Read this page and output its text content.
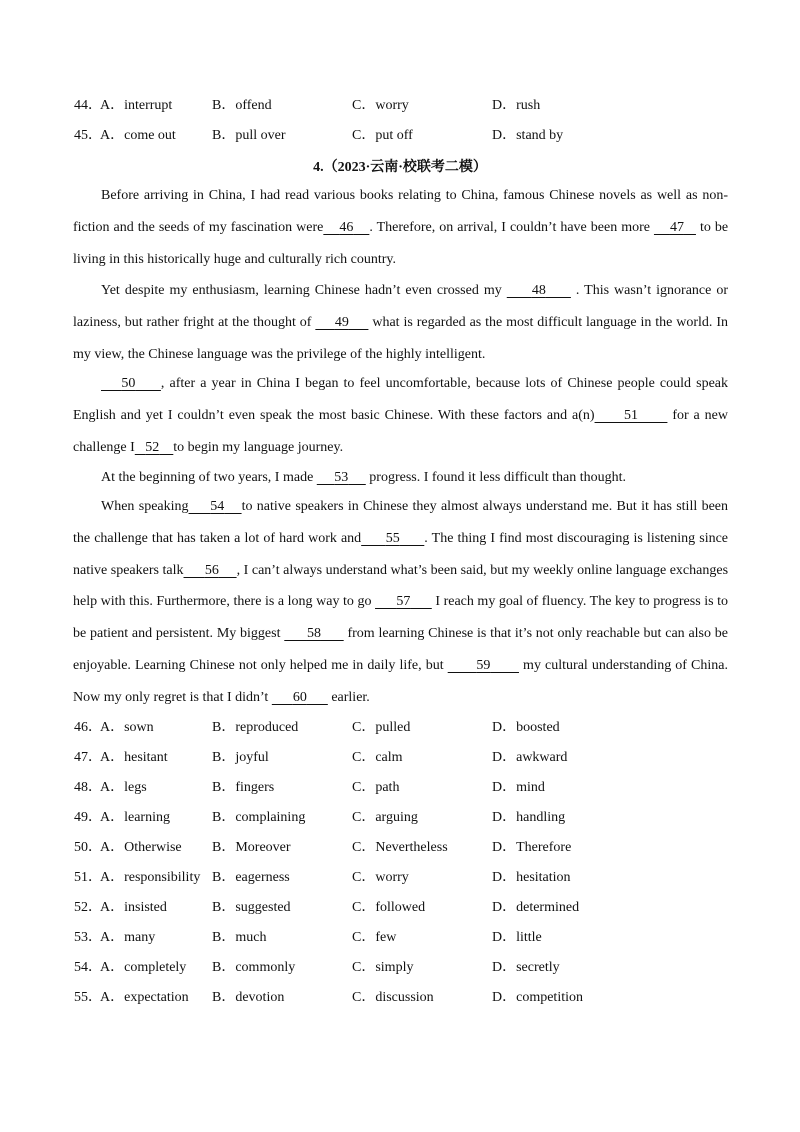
44．
A．interrupt	B．offend	C．worry	D．rush
45．
A．come out	B．pull over	C．put off	D．stand by
4.（2023·云南·校联考二模）
Before arriving in China, I had read various books relating to China, famous Chinese novels as well as non-fiction and the seeds of my fascination were 46 . Therefore, on arrival, I couldn’t have been more     47    to be living in this historically huge and culturally rich country.
Yet despite my enthusiasm, learning Chinese hadn’t even crossed my      48      . This wasn’t ignorance or laziness, but rather fright at the thought of      49      what is regarded as the most difficult language in the world. In my view, the Chinese language was the privilege of the highly intelligent.
50 , after a year in China I began to feel uncomfortable, because lots of Chinese people could speak English and yet I couldn’t even speak the most basic Chinese. With these factors and a(n) 51       for a new challenge I 52 to begin my language journey.
At the beginning of two years, I made      53      progress. I found it less difficult than thought.
When speaking 54 to native speakers in Chinese they almost always understand me. But it has still been the challenge that has taken a lot of hard work and 55 . The thing I find most discouraging is listening since native speakers talk 56 , I can’t always understand what’s been said, but my weekly online language exchanges help with this. Furthermore, there is a long way to go       57       I reach my goal of fluency. The key to progress is to be patient and persistent. My biggest       58       from learning Chinese is that it’s not only reachable but can also be enjoyable. Learning Chinese not only helped me in daily life, but        59        my cultural understanding of China. Now my only regret is that I didn’t       60       earlier.
46．
A．sown	B．reproduced	C．pulled	D．boosted
47．
A．hesitant	B．joyful	C．calm	D．awkward
48．
A．legs	B．fingers	C．path	D．mind
49．
A．learning	B．complaining	C．arguing	D．handling
50．
A．Otherwise B．Moreover	C．Nevertheless	D．Therefore
51．
A．responsibility B．eagerness	C．worry	D．hesitation
52．
A．insisted	B．suggested	C．followed	D．determined
53．
A．many	B．much	C．few	D．little
54．
A．completely B．commonly	C．simply	D．secretly
55．
A．expectation B．devotion	C．discussion	D．competition
